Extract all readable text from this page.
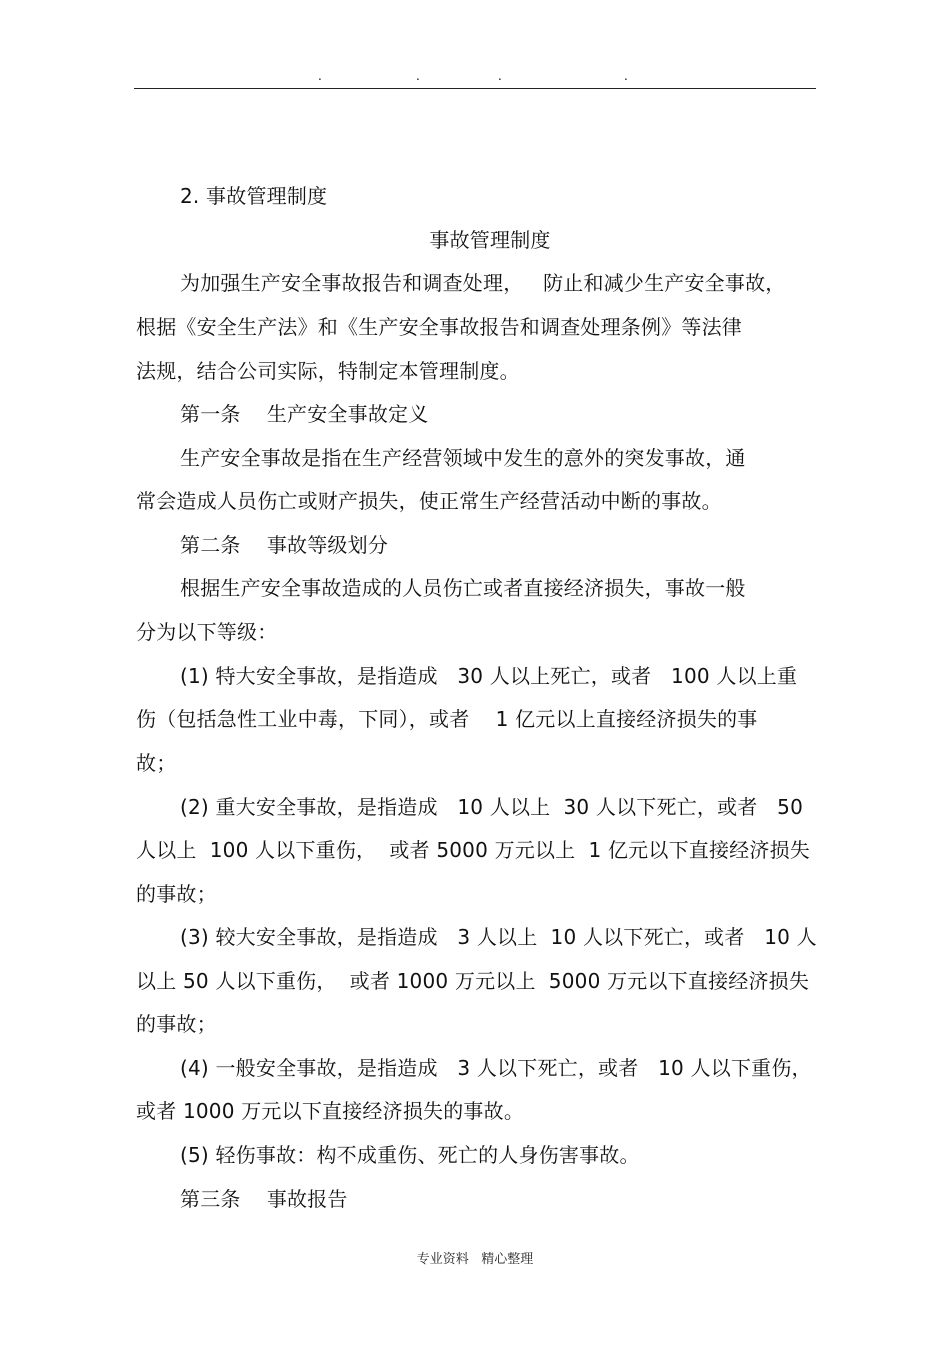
.	.	.	.
2. 事故管理制度
事故管理制度
为加强生产安全事故报告和调查处理，   防止和减少生产安全事故，
根据《安全生产法》和《生产安全事故报告和调查处理条例》等法律
法规，结合公司实际，特制定本管理制度。
第一条    生产安全事故定义
生产安全事故是指在生产经营领域中发生的意外的突发事故，通
常会造成人员伤亡或财产损失，使正常生产经营活动中断的事故。
第二条    事故等级划分
根据生产安全事故造成的人员伤亡或者直接经济损失，事故一般
分为以下等级：
(1) 特大安全事故，是指造成   30 人以上死亡，或者   100 人以上重
伤（包括急性工业中毒，下同），或者    1 亿元以上直接经济损失的事
故；
(2) 重大安全事故，是指造成   10 人以上  30 人以下死亡，或者   50
人以上  100 人以下重伤，  或者 5000 万元以上  1 亿元以下直接经济损失
的事故；
(3) 较大安全事故，是指造成   3 人以上  10 人以下死亡，或者   10 人
以上 50 人以下重伤，  或者 1000 万元以上  5000 万元以下直接经济损失
的事故；
(4) 一般安全事故，是指造成   3 人以下死亡，或者   10 人以下重伤，
或者 1000 万元以下直接经济损失的事故。
(5) 轻伤事故：构不成重伤、死亡的人身伤害事故。
第三条    事故报告
专业资料   精心整理
